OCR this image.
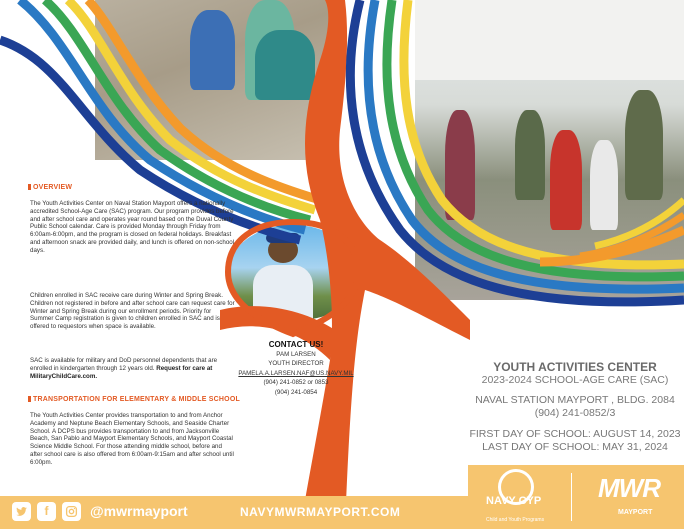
OVERVIEW
The Youth Activities Center on Naval Station Mayport offers a nationally accredited School-Age Care (SAC) program. Our program provides before and after school care and operates year round based on the Duval County Public School calendar. Care is provided Monday through Friday from 6:00am-6:00pm, and the program is closed on federal holidays. Breakfast and afternoon snack are provided daily, and lunch is offered on non-school days.
Children enrolled in SAC receive care during Winter and Spring Break. Children not registered in before and after school care can request care for Winter and Spring Break during our enrollment periods. Priority for Summer Camp registration is given to children enrolled in SAC and is offered to requestors when space is available.
SAC is available for military and DoD personnel dependents that are enrolled in kindergarten through 12 years old. Request for care at MilitaryChildCare.com.
TRANSPORTATION FOR ELEMENTARY & MIDDLE SCHOOL
The Youth Activities Center provides transportation to and from Anchor Academy and Neptune Beach Elementary Schools, and Seaside Charter School. A DCPS bus provides transportation to and from Jacksonville Beach, San Pablo and Mayport Elementary Schools, and Mayport Coastal Science Middle School. For those attending middle school, before and after school care is also offered from 6:00am-9:15am and after school until 6:00pm.
CONTACT US!
PAM LARSEN
YOUTH DIRECTOR
PAMELA.A.LARSEN.NAF@US.NAVY.MIL
(904) 241-0852 or 0853
(904) 241-0854
YOUTH ACTIVITIES CENTER
2023-2024 SCHOOL-AGE CARE (SAC)
NAVAL STATION MAYPORT , BLDG. 2084
(904) 241-0852/3
FIRST DAY OF SCHOOL: AUGUST 14, 2023
LAST DAY OF SCHOOL: MAY 31, 2024
f	@mwrmayport	NAVYMWRMAYPORT.COM
NAVY CYP
Child and Youth Programs
MWR
MAYPORT
